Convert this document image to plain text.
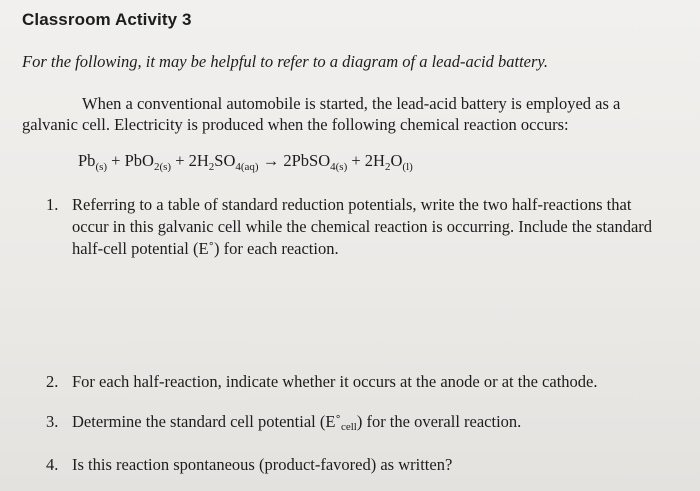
Classroom Activity 3
For the following, it may be helpful to refer to a diagram of a lead-acid battery.
When a conventional automobile is started, the lead-acid battery is employed as a
galvanic cell. Electricity is produced when the following chemical reaction occurs:
$Pb_{(s)} + PbO_{2(s)} + 2H_2SO_{4(aq)}$ → 2PbSO$_{4(s)}$ + $2H_2O_{(l)}$
1. Referring to a table of standard reduction potentials, write the two half-reactions that occur in this galvanic cell while the chemical reaction is occurring. Include the standard half-cell potential (E˚) for each reaction.
2. For each half-reaction, indicate whether it occurs at the anode or at the cathode.
3. Determine the standard cell potential $(E˚_{cell})$ for the overall reaction.
4. Is this reaction spontaneous (product-favored) as written?
